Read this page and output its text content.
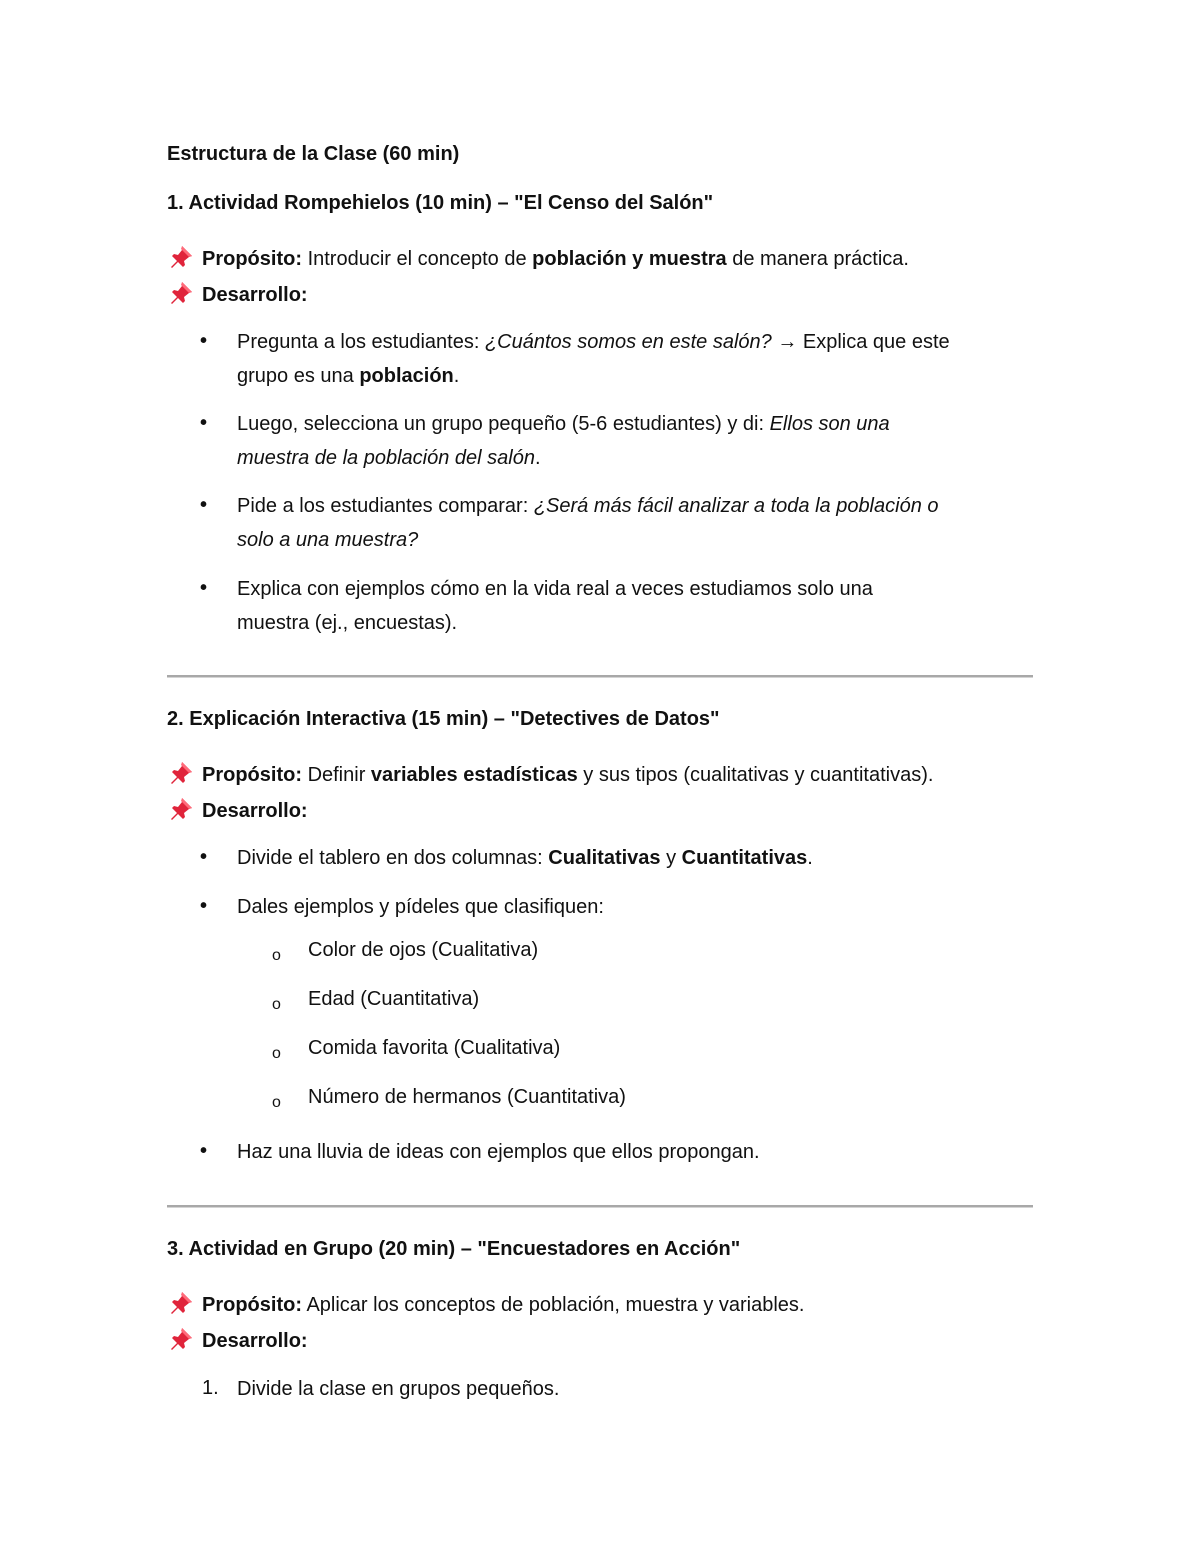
Estructura de la Clase (60 min)
1. Actividad Rompehielos (10 min) – "El Censo del Salón"
Propósito: Introducir el concepto de población y muestra de manera práctica.
Desarrollo:
• Pregunta a los estudiantes: ¿Cuántos somos en este salón? → Explica que este
grupo es una población.
• Luego, selecciona un grupo pequeño (5-6 estudiantes) y di: Ellos son una
muestra de la población del salón.
• Pide a los estudiantes comparar: ¿Será más fácil analizar a toda la población o
solo a una muestra?
• Explica con ejemplos cómo en la vida real a veces estudiamos solo una
muestra (ej., encuestas).
2. Explicación Interactiva (15 min) – "Detectives de Datos"
Propósito: Definir variables estadísticas y sus tipos (cualitativas y cuantitativas).
Desarrollo:
• Divide el tablero en dos columnas: Cualitativas y Cuantitativas.
• Dales ejemplos y pídeles que clasifiquen:
o Color de ojos (Cualitativa)
o Edad (Cuantitativa)
o Comida favorita (Cualitativa)
o Número de hermanos (Cuantitativa)
• Haz una lluvia de ideas con ejemplos que ellos propongan.
3. Actividad en Grupo (20 min) – "Encuestadores en Acción"
Propósito: Aplicar los conceptos de población, muestra y variables.
Desarrollo:
1. Divide la clase en grupos pequeños.
